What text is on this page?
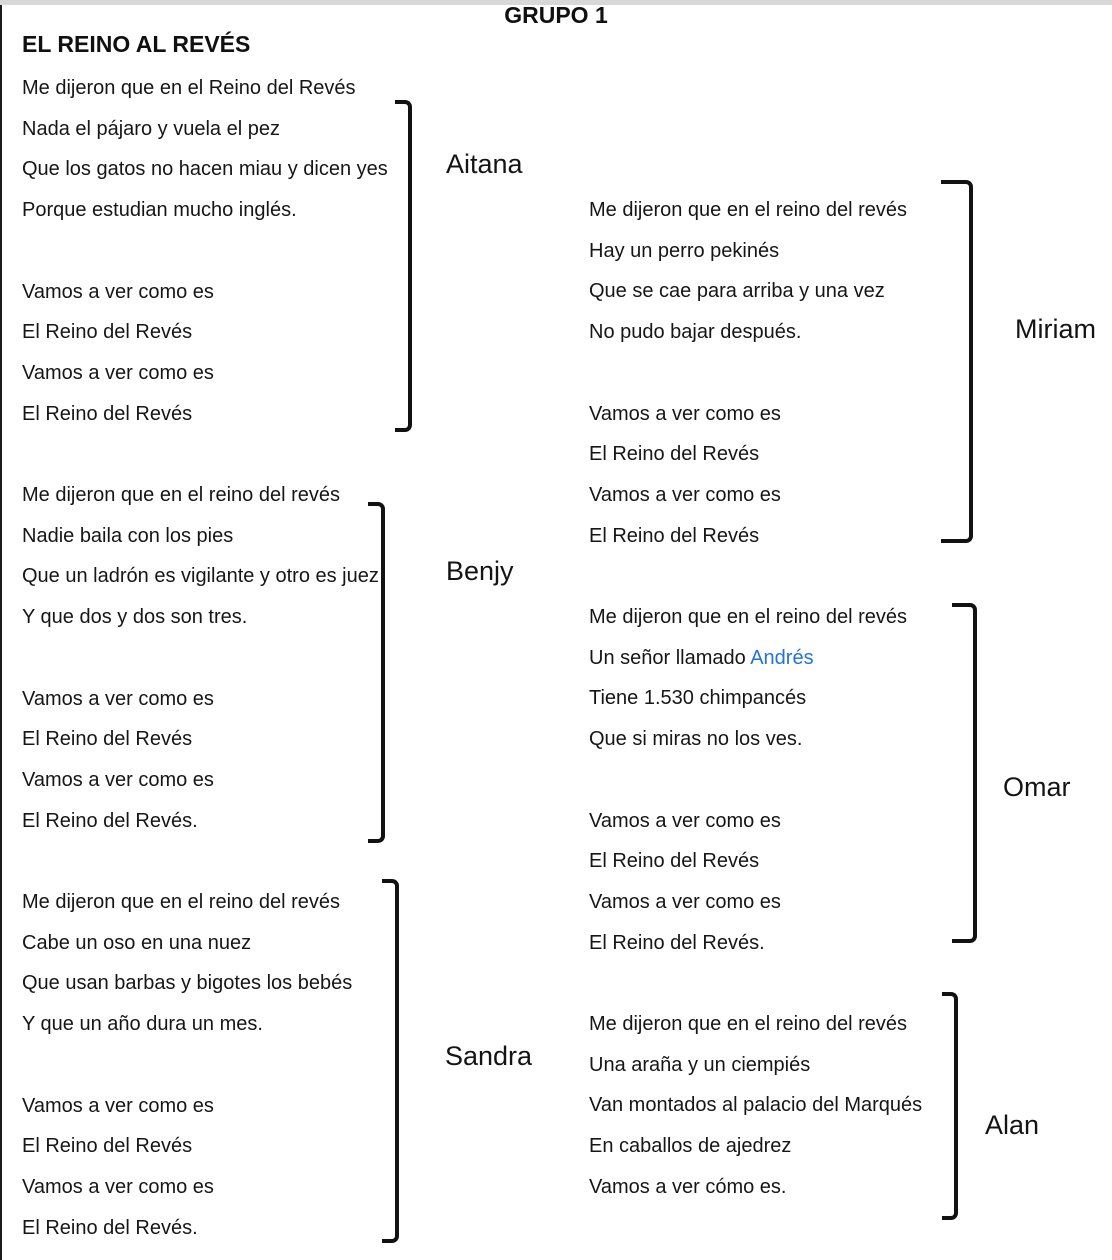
GRUPO 1
EL REINO AL REVÉS
Me dijeron que en el Reino del Revés
Nada el pájaro y vuela el pez
Que los gatos no hacen miau y dicen yes
Porque estudian mucho inglés.

Vamos a ver como es
El Reino del Revés
Vamos a ver como es
El Reino del Revés

Me dijeron que en el reino del revés
Nadie baila con los pies
Que un ladrón es vigilante y otro es juez
Y que dos y dos son tres.

Vamos a ver como es
El Reino del Revés
Vamos a ver como es
El Reino del Revés.

Me dijeron que en el reino del revés
Cabe un oso en una nuez
Que usan barbas y bigotes los bebés
Y que un año dura un mes.

Vamos a ver como es
El Reino del Revés
Vamos a ver como es
El Reino del Revés.
Me dijeron que en el reino del revés
Hay un perro pekinés
Que se cae para arriba y una vez
No pudo bajar después.

Vamos a ver como es
El Reino del Revés
Vamos a ver como es
El Reino del Revés

Me dijeron que en el reino del revés
Un señor llamado Andrés
Tiene 1.530 chimpancés
Que si miras no los ves.

Vamos a ver como es
El Reino del Revés
Vamos a ver como es
El Reino del Revés.

Me dijeron que en el reino del revés
Una araña y un ciempiés
Van montados al palacio del Marqués
En caballos de ajedrez
Vamos a ver cómo es.
Aitana
Benjy
Sandra
Miriam
Omar
Alan
